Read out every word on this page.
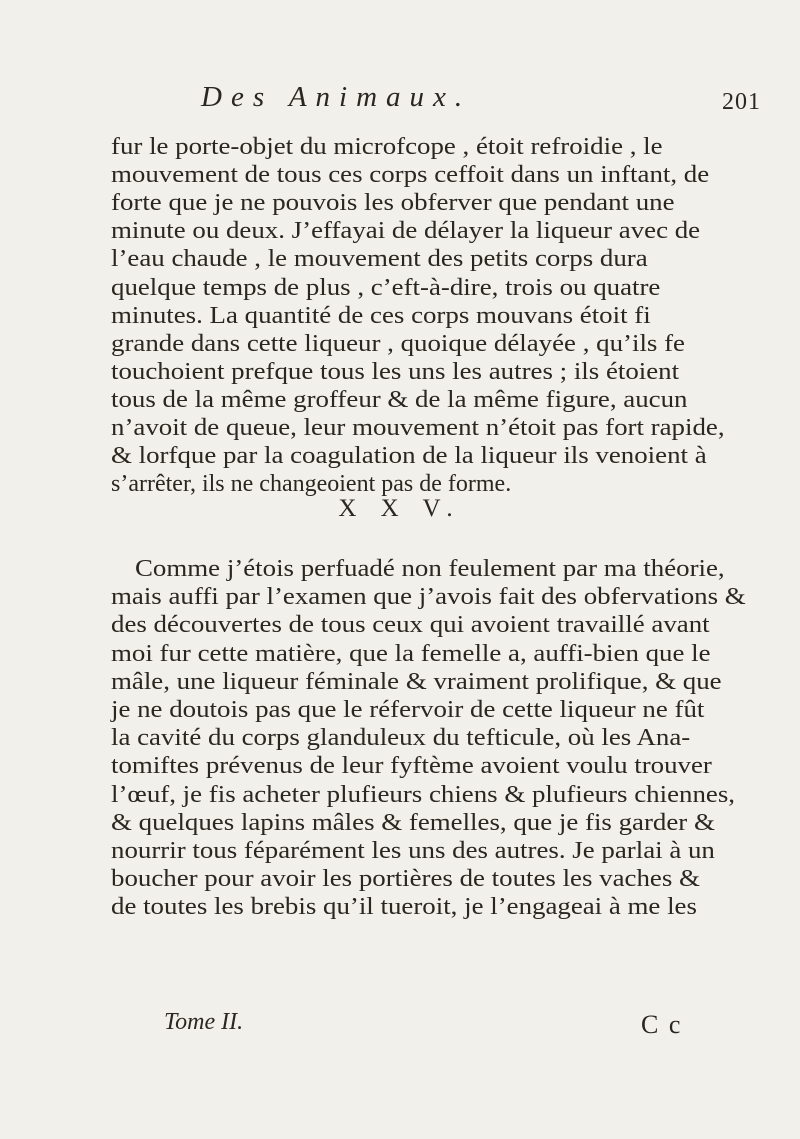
Des Animaux.	201
fur le porte-objet du microfcope , étoit refroidie , le
mouvement de tous ces corps ceffoit dans un inftant, de
forte que je ne pouvois les obferver que pendant une
minute ou deux. J’effayai de délayer la liqueur avec de
l’eau chaude , le mouvement des petits corps dura
quelque temps de plus , c’eft-à-dire, trois ou quatre
minutes. La quantité de ces corps mouvans étoit fi
grande dans cette liqueur , quoique délayée , qu’ils fe
touchoient prefque tous les uns les autres ; ils étoient
tous de la même groffeur & de la même figure, aucun
n’avoit de queue, leur mouvement n’étoit pas fort rapide,
& lorfque par la coagulation de la liqueur ils venoient à
s’arrêter, ils ne changeoient pas de forme.
X X V.
Comme j’étois perfuadé non feulement par ma théorie,
mais auffi par l’examen que j’avois fait des obfervations &
des découvertes de tous ceux qui avoient travaillé avant
moi fur cette matière, que la femelle a, auffi-bien que le
mâle, une liqueur féminale & vraiment prolifique, & que
je ne doutois pas que le réfervoir de cette liqueur ne fût
la cavité du corps glanduleux du tefticule, où les Ana-
tomiftes prévenus de leur fyftème avoient voulu trouver
l’œuf, je fis acheter plufieurs chiens & plufieurs chiennes,
& quelques lapins mâles & femelles, que je fis garder &
nourrir tous féparément les uns des autres. Je parlai à un
boucher pour avoir les portières de toutes les vaches &
de toutes les brebis qu’il tueroit, je l’engageai à me les
Tome II.	C c
